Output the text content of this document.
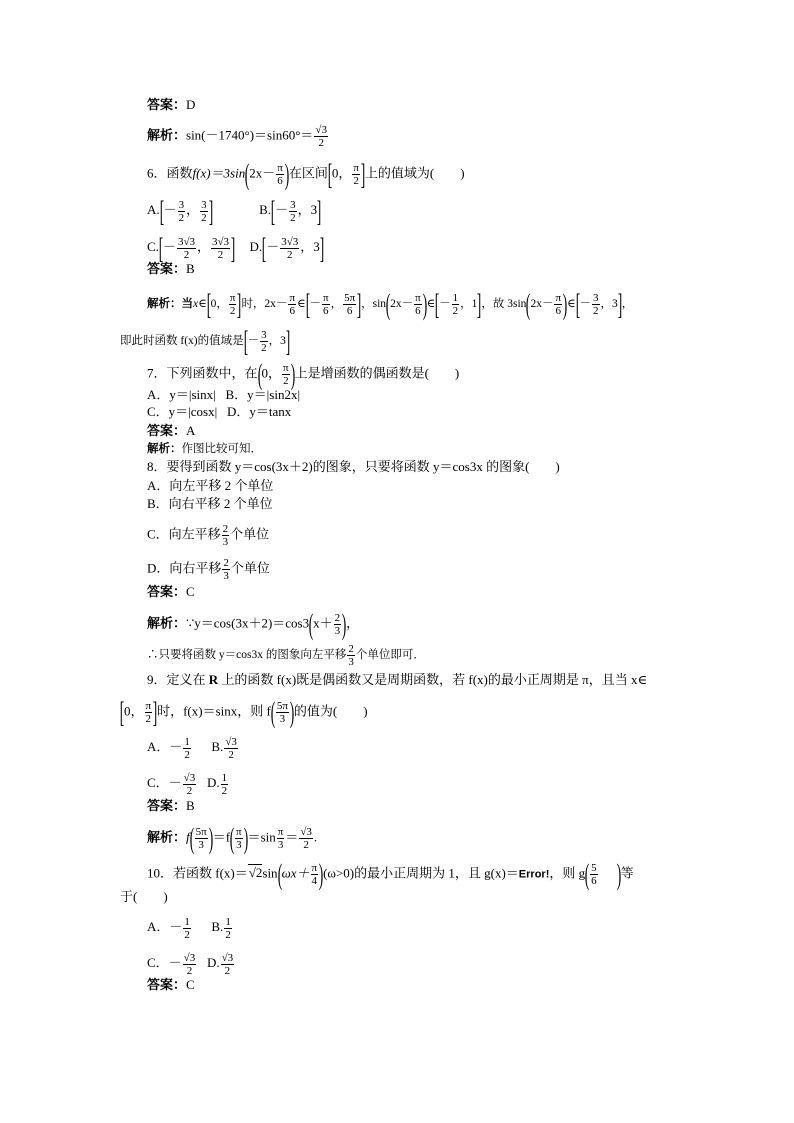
答案：D
解析：$\sin(-1740^\circ)=\sin 60^\circ= \frac{√3}{2}$
6．函数$f(x)=3\sin(2x- \frac{\pi}{6}$ )在区间[0， $\frac{\pi}{2}$ ]上的值域为(　　)
$A.[- \frac{3}{2}$ ， $\frac{3}{2}$ ]	$B.[- \frac{3}{2}$ ，3]
$C.[- \frac{3√3}{2}$ ， $\frac{3√3}{2}$ ] $D.[- \frac{3√3}{2}$ ，3]
答案：B
解析：当x∈[0， $\frac{\pi}{2}$ ]时，$2x- \frac{\pi}{6}$ ∈[－ $\frac{\pi}{6}$ ， $\frac{5\pi}{6}$ ]，$\sin(2x- \frac{\pi}{6}$ )∈[－ $\frac{1}{2}$ ，1]，故 $3\sin(2x- \frac{\pi}{6}$ )∈[－ $\frac{3}{2}$ ，3]，
即此时函数 f(x)的值域是[－ $\frac{3}{2}$ ，3]
7．下列函数中，在(0， $\frac{\pi}{2}$ )上是增函数的偶函数是(　　)
A．y＝|sinx| B．y＝|sin2x|
C．y＝|cosx| D．y＝tanx
答案：A
解析：作图比较可知．
8．要得到函数 y＝cos(3x＋2)的图象，只要将函数 y＝cos3x 的图象(　　)
A．向左平移 2 个单位
B．向右平移 2 个单位
C．向左平移 $\frac{2}{3}$ 个单位
D．向右平移 $\frac{2}{3}$ 个单位
答案：C
解析：∵y＝cos(3x＋2)＝cos3(x＋ $\frac{2}{3}$ )，
∴只要将函数 y＝cos3x 的图象向左平移 $\frac{2}{3}$ 个单位即可．
9．定义在 R 上的函数 f(x)既是偶函数又是周期函数，若 f(x)的最小正周期是 π，且当 x∈
[0， $\frac{\pi}{2}$ ]时，f(x)＝sinx，则 $f( \frac{5\pi}{3}$ )的值为(　　)
A．－ $\frac{1}{2} B$. $\frac{√3}{2}$
C．－ $\frac{√3}{2} D$. $\frac{1}{2}$
答案：B
解析：$f( \frac{5\pi}{3} )=f( \frac{\pi}{3} )=\sin \frac{\pi}{3} = \frac{√3}{2}$ .
10．若函数 $f(x)=√2\sin(\omega x+ \frac{\pi}{4} )(\omega>0)$的最小正周期为 1，且 g(x)＝Error!，则 $g( \frac{5}{6}$ )等
于(　　)
A．－ $\frac{1}{2} B$. $\frac{1}{2}$
C．－ $\frac{√3}{2} D$. $\frac{√3}{2}$
答案：C
